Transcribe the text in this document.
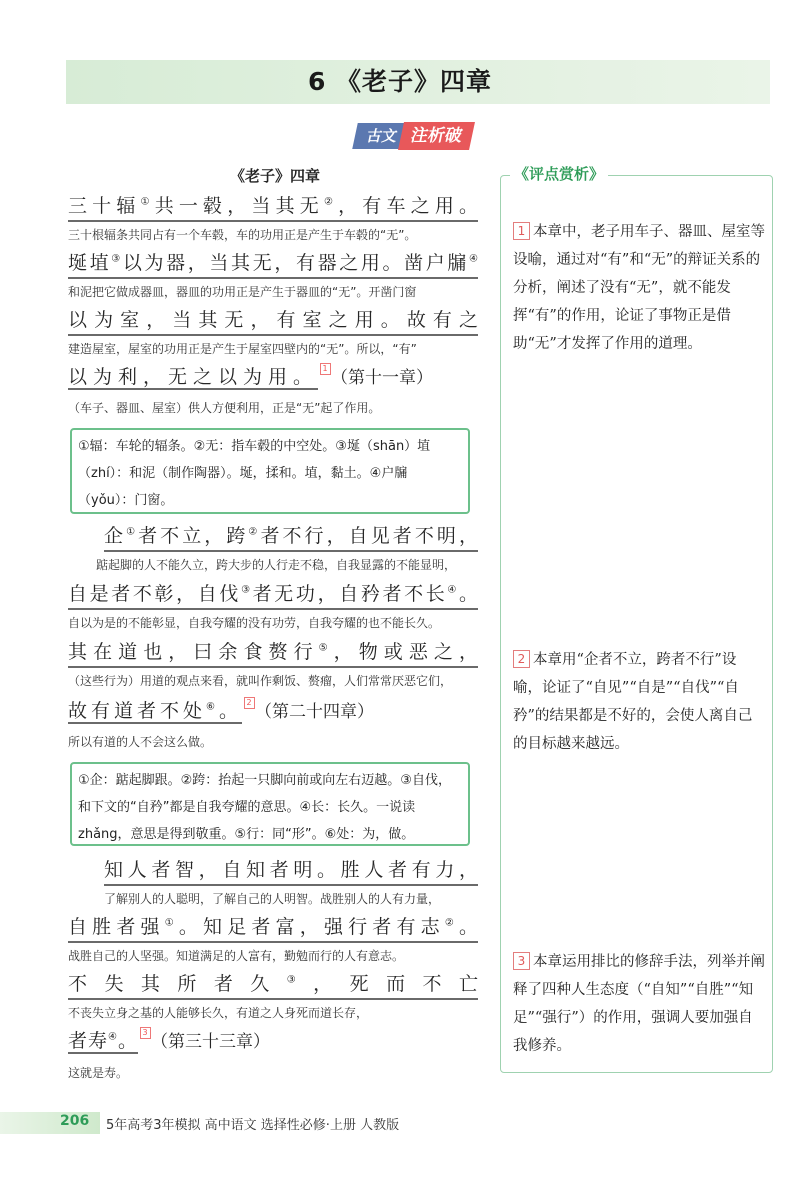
6 《老子》四章
古文 注析破
《老子》四章
三十辐①共一毂，当其无②，有车之用。
三十根辐条共同占有一个车毂，车的功用正是产生于车毂的“无”。
埏埴③以为器，当其无，有器之用。凿户牖④
和泥把它做成器皿，器皿的功用正是产生于器皿的“无”。开凿门窗
以为室，当其无，有室之用。故有之
建造屋室，屋室的功用正是产生于屋室四壁内的“无”。所以，“有”
以为利，无之以为用。 1 （第十一章）
（车子、器皿、屋室）供人方便利用，正是“无”起了作用。
①辐：车轮的辐条。②无：指车毂的中空处。③埏（shān）埴（zhí）：和泥（制作陶器）。埏，揉和。埴，黏土。④户牖（yǒu）：门窗。
企①者不立，跨②者不行，自见者不明，
踮起脚的人不能久立，跨大步的人行走不稳，自我显露的不能显明，
自是者不彰，自伐③者无功，自矜者不长④。
自以为是的不能彰显，自我夸耀的没有功劳，自我夸耀的也不能长久。
其在道也，曰余食赘行⑤，物或恶之，
（这些行为）用道的观点来看，就叫作剩饭、赘瘤，人们常常厌恶它们，
故有道者不处⑥。 2 （第二十四章）
所以有道的人不会这么做。
①企：踮起脚跟。②跨：抬起一只脚向前或向左右迈越。③自伐，和下文的“自矜”都是自我夸耀的意思。④长：长久。一说读 zhǎng，意思是得到敬重。⑤行：同“形”。⑥处：为，做。
知人者智，自知者明。胜人者有力，
了解别人的人聪明，了解自己的人明智。战胜别人的人有力量，
自胜者强①。知足者富，强行者有志②。
战胜自己的人坚强。知道满足的人富有，勤勉而行的人有意志。
不失其所者久③，死而不亡
不丧失立身之基的人能够长久，有道之人身死而道长存，
者寿④。 3 （第三十三章）
这就是寿。
《评点赏析》
1 本章中，老子用车子、器皿、屋室等设喻，通过对“有”和“无”的辩证关系的分析，阐述了没有“无”，就不能发挥“有”的作用，论证了事物正是借助“无”才发挥了作用的道理。
2 本章用“企者不立，跨者不行”设喻，论证了“自见”“自是”“自伐”“自矜”的结果都是不好的，会使人离自己的目标越来越远。
3 本章运用排比的修辞手法，列举并阐释了四种人生态度（“自知”“自胜”“知足”“强行”）的作用，强调人要加强自我修养。
206 5年高考3年模拟 高中语文 选择性必修·上册 人教版
